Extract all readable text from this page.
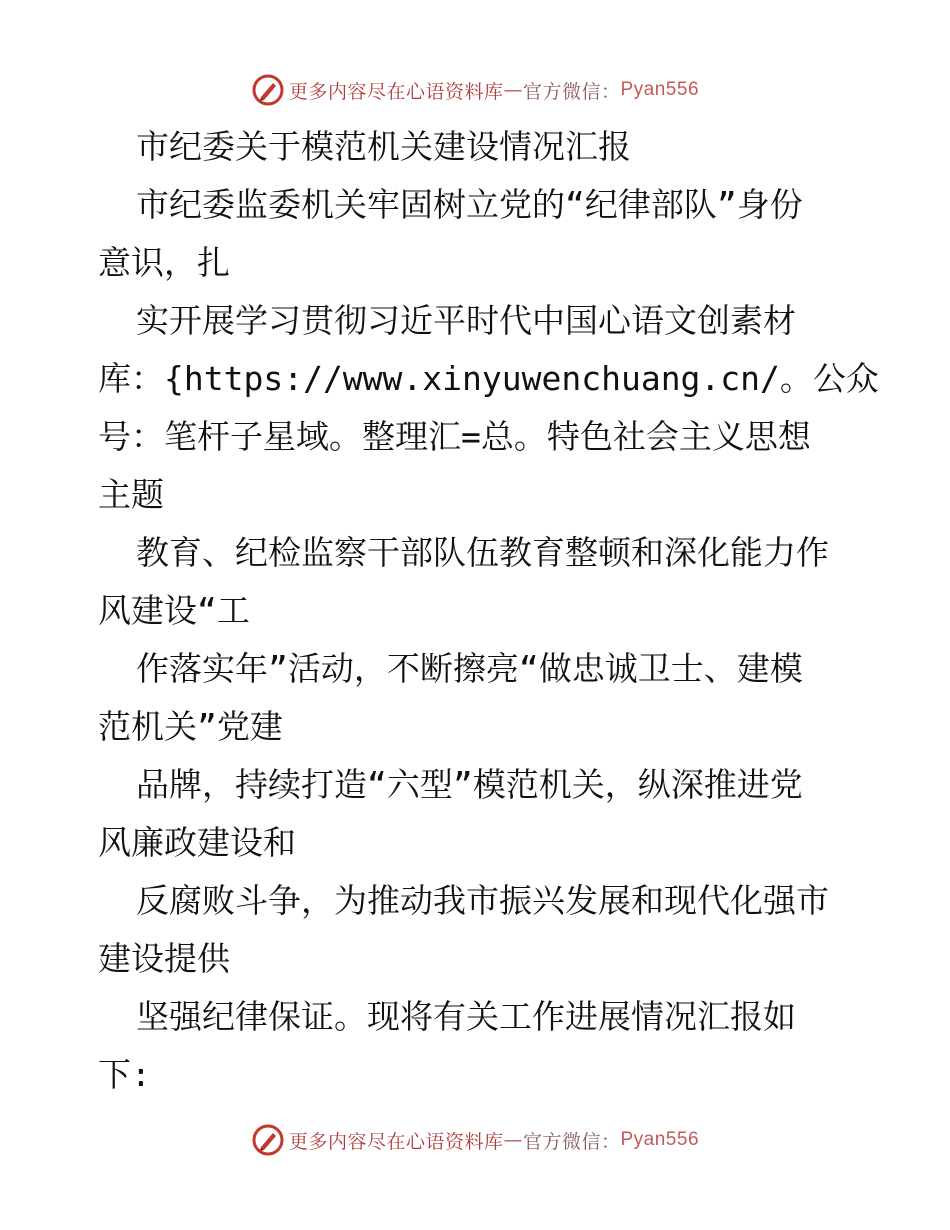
更多内容尽在心语资料库 — 官方微信： Pyan556
市纪委关于模范机关建设情况汇报
市纪委监委机关牢固树立党的“纪律部队”身份
意识，扎
实开展学习贯彻习近平时代中国心语文创素材
库：{https://www.xinyuwenchuang.cn/。公众
号：笔杆子星域。整理汇=总。特色社会主义思想
主题
教育、纪检监察干部队伍教育整顿和深化能力作
风建设“工
作落实年”活动，不断擦亮“做忠诚卫士、建模
范机关”党建
品牌，持续打造“六型”模范机关，纵深推进党
风廉政建设和
反腐败斗争，为推动我市振兴发展和现代化强市
建设提供
坚强纪律保证。现将有关工作进展情况汇报如
下:
更多内容尽在心语资料库 — 官方微信： Pyan556
